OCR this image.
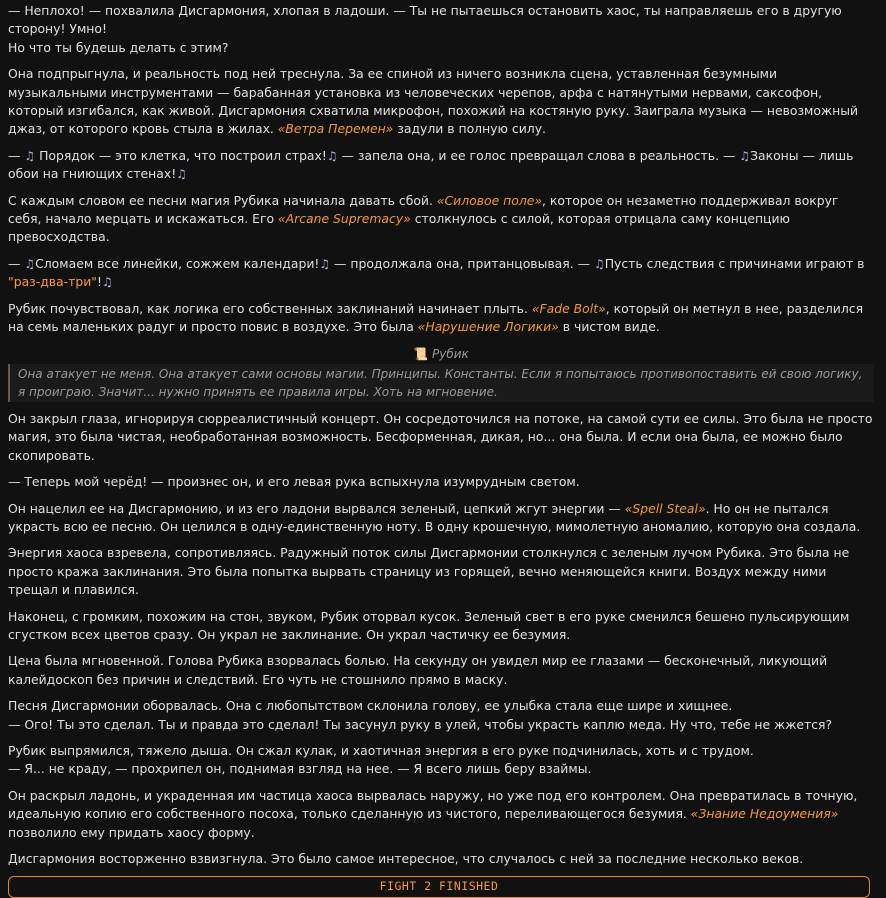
— Неплохо! — похвалила Дисгармония, хлопая в ладоши. — Ты не пытаешься остановить хаос, ты направляешь его в другую сторону! Умно!
Но что ты будешь делать с этим?
Она подпрыгнула, и реальность под ней треснула. За ее спиной из ничего возникла сцена, уставленная безумными музыкальными инструментами — барабанная установка из человеческих черепов, арфа с натянутыми нервами, саксофон, который изгибался, как живой. Дисгармония схватила микрофон, похожий на костяную руку. Заиграла музыка — невозможный джаз, от которого кровь стыла в жилах. «Ветра Перемен» задули в полную силу.
— ♫ Порядок — это клетка, что построил страх!♫ — запела она, и ее голос превращал слова в реальность. — ♫Законы — лишь обои на гниющих стенах!♫
С каждым словом ее песни магия Рубика начинала давать сбой. «Силовое поле», которое он незаметно поддерживал вокруг себя, начало мерцать и искажаться. Его «Arcane Supremacy» столкнулось с силой, которая отрицала саму концепцию превосходства.
— ♫Сломаем все линейки, сожжем календари!♫ — продолжала она, пританцовывая. — ♫Пусть следствия с причинами играют в "раз-два-три"!♫
Рубик почувствовал, как логика его собственных заклинаний начинает плыть. «Fade Bolt», который он метнул в нее, разделился на семь маленьких радуг и просто повис в воздухе. Это была «Нарушение Логики» в чистом виде.
📜 Рубик
Она атакует не меня. Она атакует сами основы магии. Принципы. Константы. Если я попытаюсь противопоставить ей свою логику, я проиграю. Значит... нужно принять ее правила игры. Хоть на мгновение.
Он закрыл глаза, игнорируя сюрреалистичный концерт. Он сосредоточился на потоке, на самой сути ее силы. Это была не просто магия, это была чистая, необработанная возможность. Бесформенная, дикая, но... она была. И если она была, ее можно было скопировать.
— Теперь мой черёд! — произнес он, и его левая рука вспыхнула изумрудным светом.
Он нацелил ее на Дисгармонию, и из его ладони вырвался зеленый, цепкий жгут энергии — «Spell Steal». Но он не пытался украсть всю ее песню. Он целился в одну-единственную ноту. В одну крошечную, мимолетную аномалию, которую она создала.
Энергия хаоса взревела, сопротивляясь. Радужный поток силы Дисгармонии столкнулся с зеленым лучом Рубика. Это была не просто кража заклинания. Это была попытка вырвать страницу из горящей, вечно меняющейся книги. Воздух между ними трещал и плавился.
Наконец, с громким, похожим на стон, звуком, Рубик оторвал кусок. Зеленый свет в его руке сменился бешено пульсирующим сгустком всех цветов сразу. Он украл не заклинание. Он украл частичку ее безумия.
Цена была мгновенной. Голова Рубика взорвалась болью. На секунду он увидел мир ее глазами — бесконечный, ликующий калейдоскоп без причин и следствий. Его чуть не стошнило прямо в маску.
Песня Дисгармонии оборвалась. Она с любопытством склонила голову, ее улыбка стала еще шире и хищнее.
— Ого! Ты это сделал. Ты и правда это сделал! Ты засунул руку в улей, чтобы украсть каплю меда. Ну что, тебе не жжется?
Рубик выпрямился, тяжело дыша. Он сжал кулак, и хаотичная энергия в его руке подчинилась, хоть и с трудом.
— Я... не краду, — прохрипел он, поднимая взгляд на нее. — Я всего лишь беру взаймы.
Он раскрыл ладонь, и украденная им частица хаоса вырвалась наружу, но уже под его контролем. Она превратилась в точную, идеальную копию его собственного посоха, только сделанную из чистого, переливающегося безумия. «Знание Недоумения» позволило ему придать хаосу форму.
Дисгармония восторженно взвизгнула. Это было самое интересное, что случалось с ней за последние несколько веков.
FIGHT 2 FINISHED
